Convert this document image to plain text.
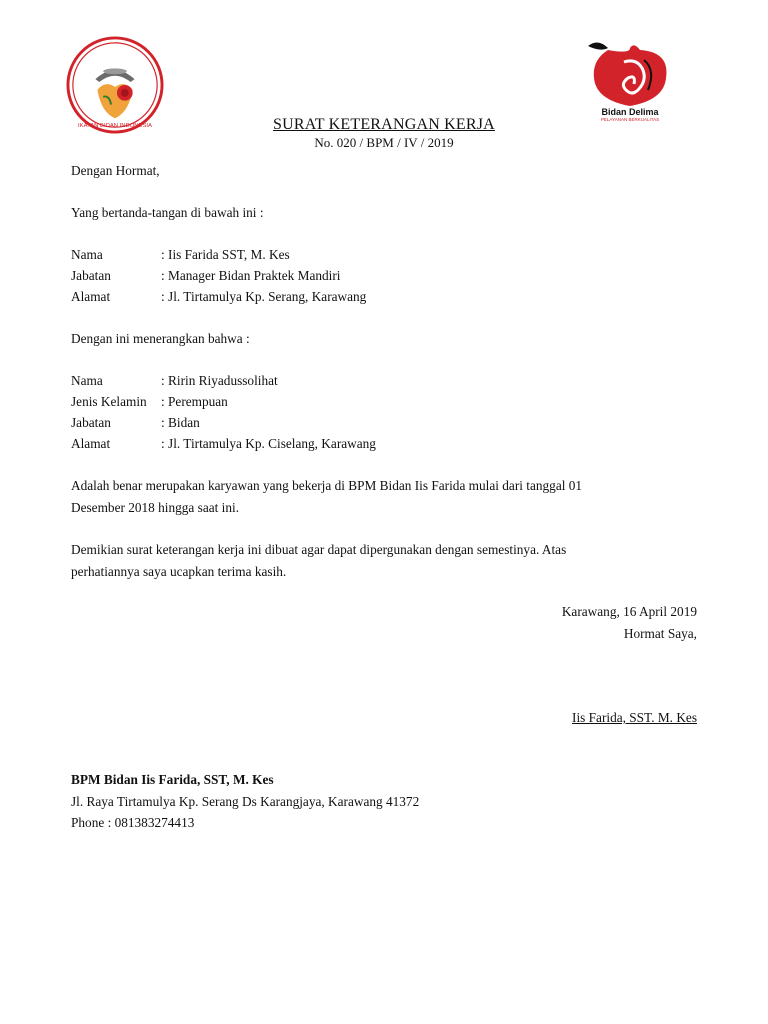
IKATAN BIDAN INDONESIA
Bidan Delima
PELAYANAN BERKUALITAS
SURAT KETERANGAN KERJA
No. 020 / BPM / IV / 2019
Dengan Hormat,
Yang bertanda-tangan di bawah ini :
Nama	: Iis Farida SST, M. Kes
Jabatan	: Manager Bidan Praktek Mandiri
Alamat	: Jl. Tirtamulya Kp. Serang, Karawang
Dengan ini menerangkan bahwa :
Nama	: Ririn Riyadussolihat
Jenis Kelamin : Perempuan
Jabatan	: Bidan
Alamat	: Jl. Tirtamulya Kp. Ciselang, Karawang
Adalah benar merupakan karyawan yang bekerja di BPM Bidan Iis Farida mulai dari tanggal 01
Desember 2018 hingga saat ini.
Demikian surat keterangan kerja ini dibuat agar dapat dipergunakan dengan semestinya. Atas
perhatiannya saya ucapkan terima kasih.
Karawang, 16 April 2019
Hormat Saya,
Iis Farida, SST. M. Kes
BPM Bidan Iis Farida, SST, M. Kes
Jl. Raya Tirtamulya Kp. Serang Ds Karangjaya, Karawang 41372
Phone : 081383274413
